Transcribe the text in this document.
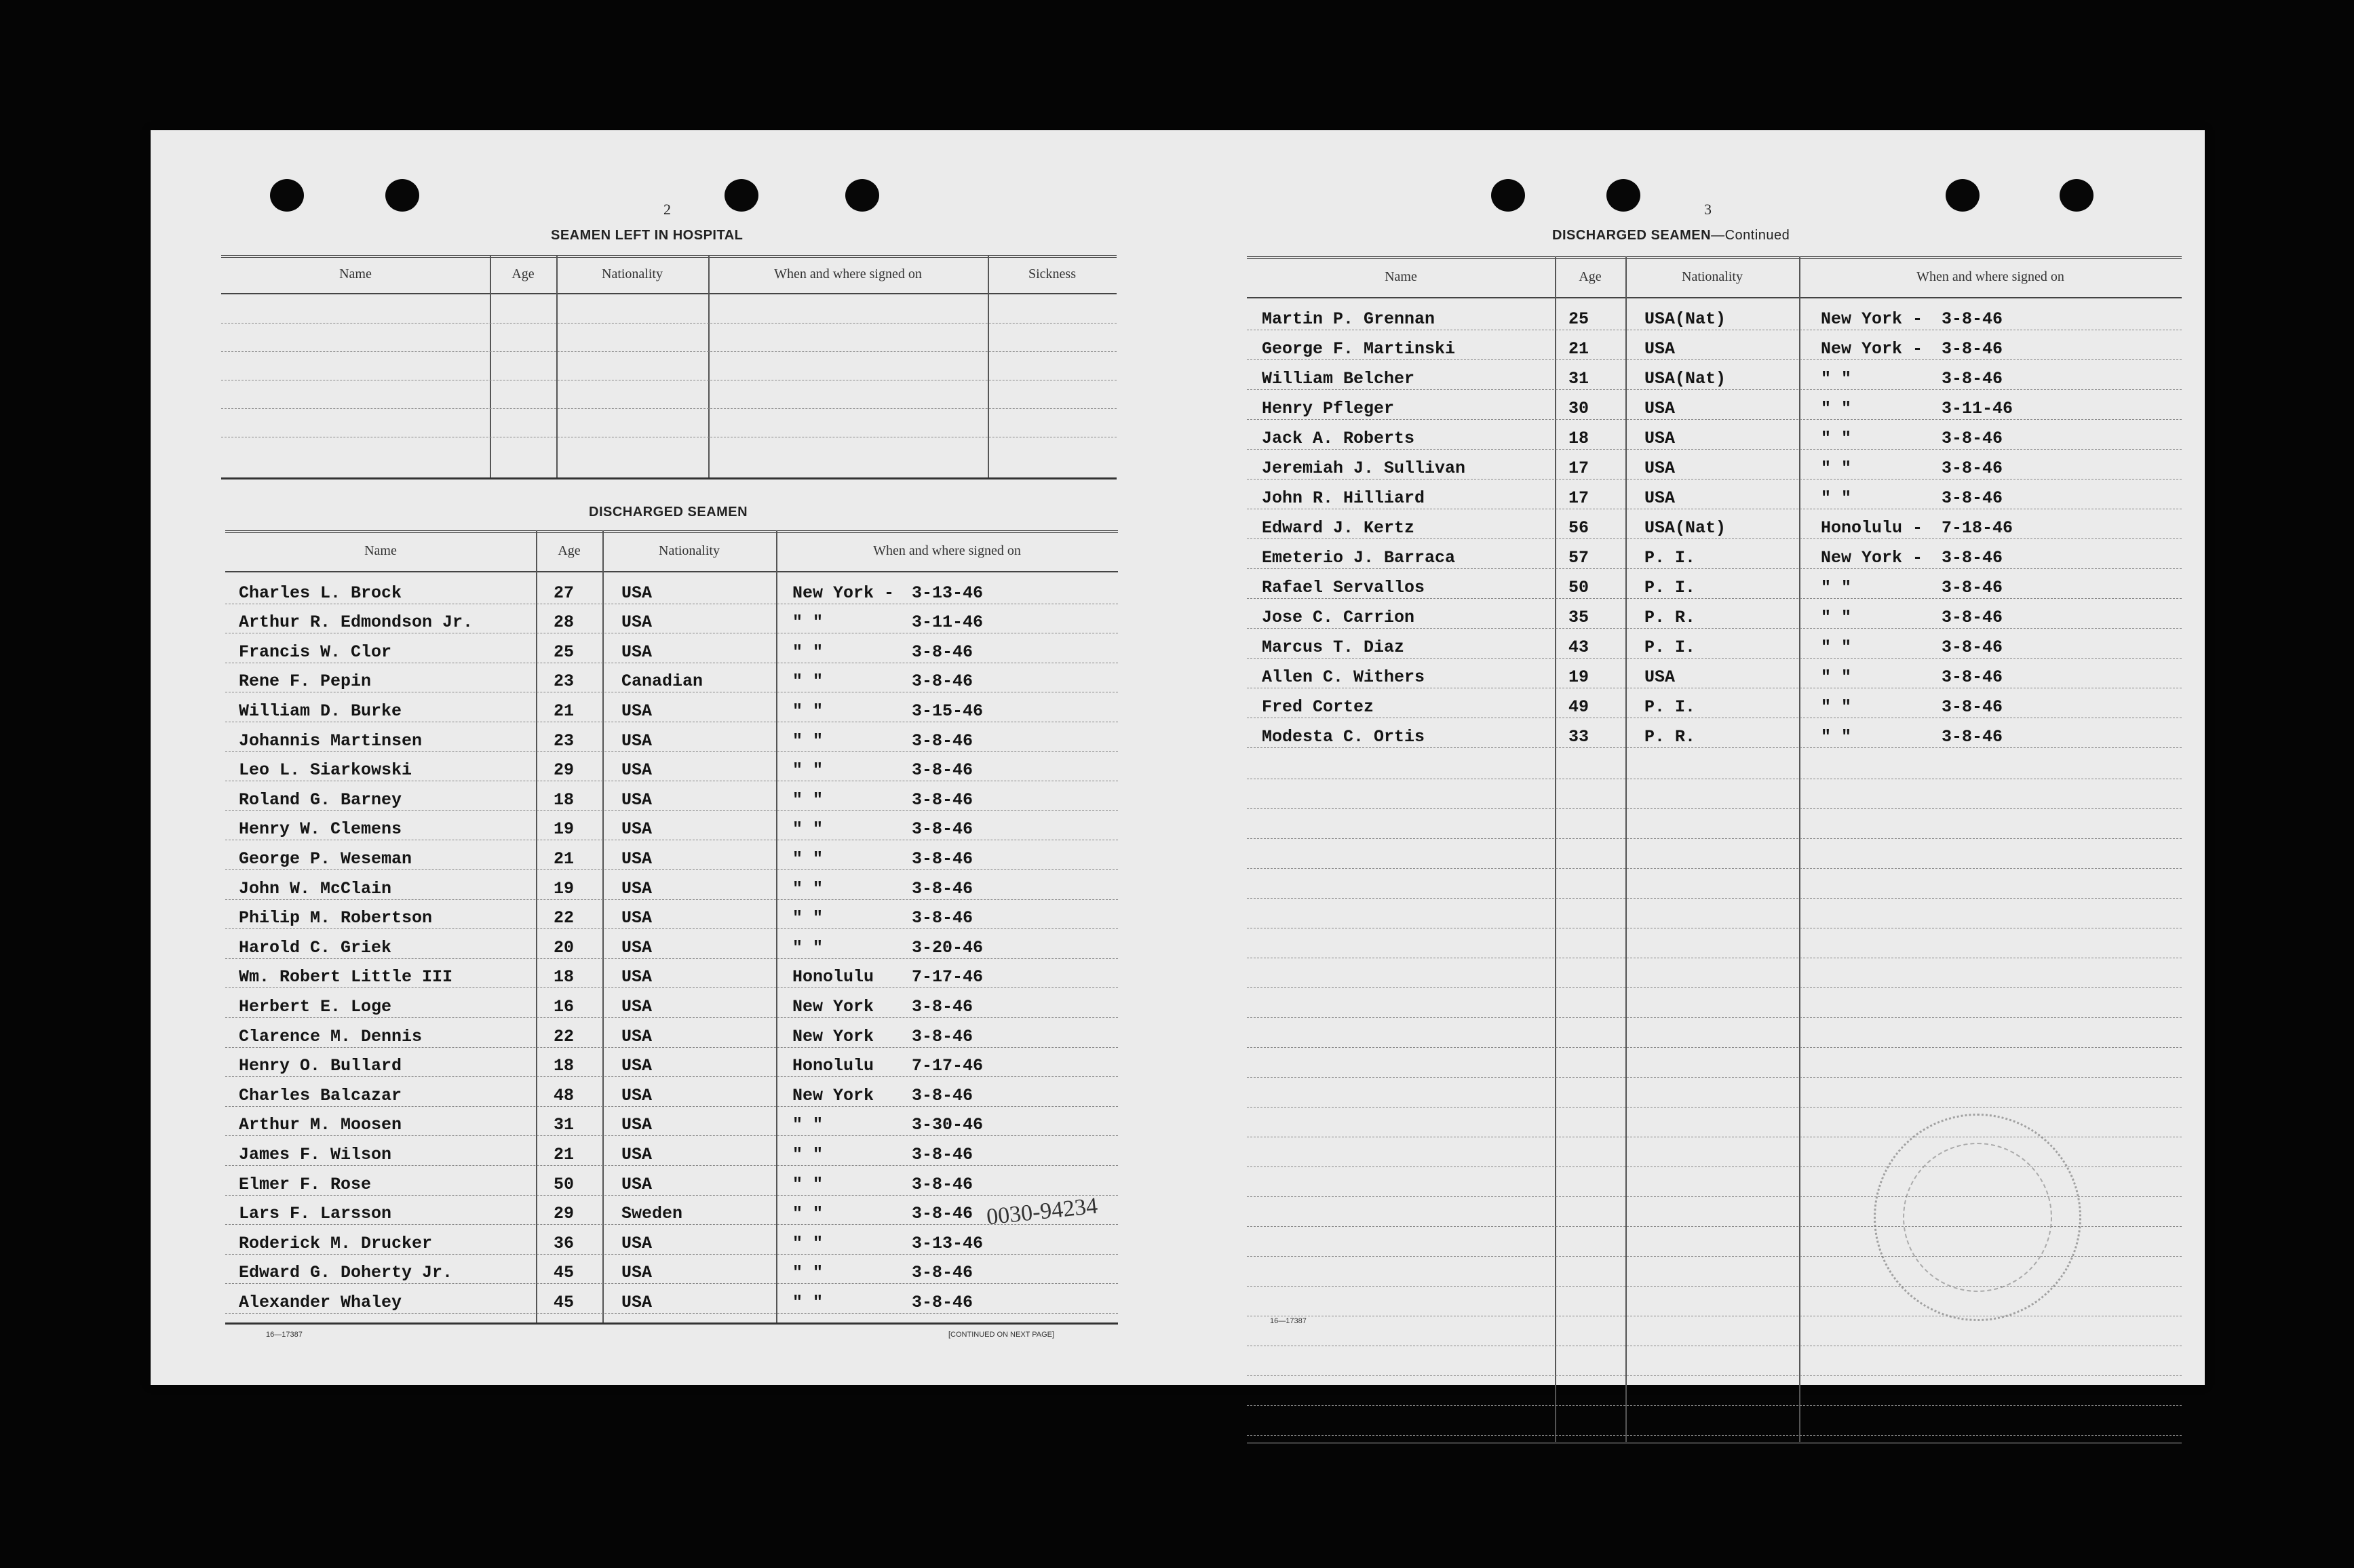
2
SEAMEN LEFT IN HOSPITAL
Name	Age	Nationality	When and where signed on	Sickness
DISCHARGED SEAMEN
Name	Age	Nationality	When and where signed on
Charles L. Brock	27	USA	New York - 3-13-46
Arthur R. Edmondson Jr.	28	USA	" "	3-11-46
Francis W. Clor	25	USA	" "	3-8-46
Rene F. Pepin	23	Canadian	" "	3-8-46
William D. Burke	21	USA	" "	3-15-46
Johannis Martinsen	23	USA	" "	3-8-46
Leo L. Siarkowski	29	USA	" "	3-8-46
Roland G. Barney	18	USA	" "	3-8-46
Henry W. Clemens	19	USA	" "	3-8-46
George P. Weseman	21	USA	" "	3-8-46
John W. McClain	19	USA	" "	3-8-46
Philip M. Robertson	22	USA	" "	3-8-46
Harold C. Griek	20	USA	" "	3-20-46
Wm. Robert Little III	18	USA	Honolulu 7-17-46
Herbert E. Loge	16	USA	New York 3-8-46
Clarence M. Dennis	22	USA	New York 3-8-46
Henry O. Bullard	18	USA	Honolulu 7-17-46
Charles Balcazar	48	USA	New York 3-8-46
Arthur M. Moosen	31	USA	" "	3-30-46
James F. Wilson	21	USA	" "	3-8-46
Elmer F. Rose	50	USA	" "	3-8-46
Lars F. Larsson	29	Sweden	" "	3-8-46
Roderick M. Drucker	36	USA	" "	3-13-46
Edward G. Doherty Jr.	45	USA	" "	3-8-46
Alexander Whaley	45	USA	" "	3-8-46
0030-94234
16—17387	[CONTINUED ON NEXT PAGE]
3
DISCHARGED SEAMEN—Continued
Name	Age	Nationality	When and where signed on
Martin P. Grennan	25	USA(Nat)	New York - 3-8-46
George F. Martinski	21	USA	New York - 3-8-46
William Belcher	31	USA(Nat)	" "	3-8-46
Henry Pfleger	30	USA	" "	3-11-46
Jack A. Roberts	18	USA	" "	3-8-46
Jeremiah J. Sullivan	17	USA	" "	3-8-46
John R. Hilliard	17	USA	" "	3-8-46
Edward J. Kertz	56	USA(Nat)	Honolulu - 7-18-46
Emeterio J. Barraca	57	P. I.	New York - 3-8-46
Rafael Servallos	50	P. I.	" "	3-8-46
Jose C. Carrion	35	P. R.	" "	3-8-46
Marcus T. Diaz	43	P. I.	" "	3-8-46
Allen C. Withers	19	USA	" "	3-8-46
Fred Cortez	49	P. I.	" "	3-8-46
Modesta C. Ortis	33	P. R.	" "	3-8-46
16—17387
